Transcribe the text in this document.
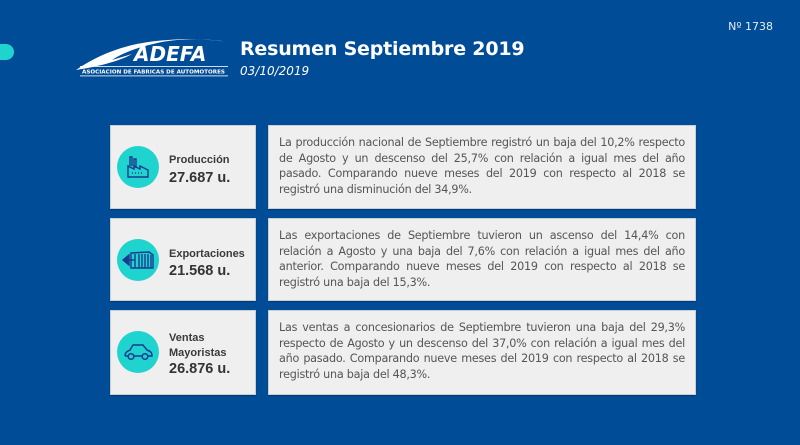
ADEFA
ASOCIACION DE FABRICAS DE AUTOMOTORES
Resumen Septiembre 2019
03/10/2019
Nº 1738
Producción
27.687 u.

La producción nacional de Septiembre registró un baja del 10,2% respecto de Agosto y un descenso del 25,7% con relación a igual mes del año pasado. Comparando nueve meses del 2019 con respecto al 2018 se registró una disminución del 34,9%.

Exportaciones
21.568 u.

Las exportaciones de Septiembre tuvieron un ascenso del 14,4% con relación a Agosto y una baja del 7,6% con relación a igual mes del año anterior. Comparando nueve meses del 2019 con respecto al 2018 se registró una baja del 15,3%.

Ventas Mayoristas
26.876 u.

Las ventas a concesionarios de Septiembre tuvieron una baja del 29,3% respecto de Agosto y un descenso del 37,0% con relación a igual mes del año pasado. Comparando nueve meses del 2019 con respecto al 2018 se registró una baja del 48,3%.
